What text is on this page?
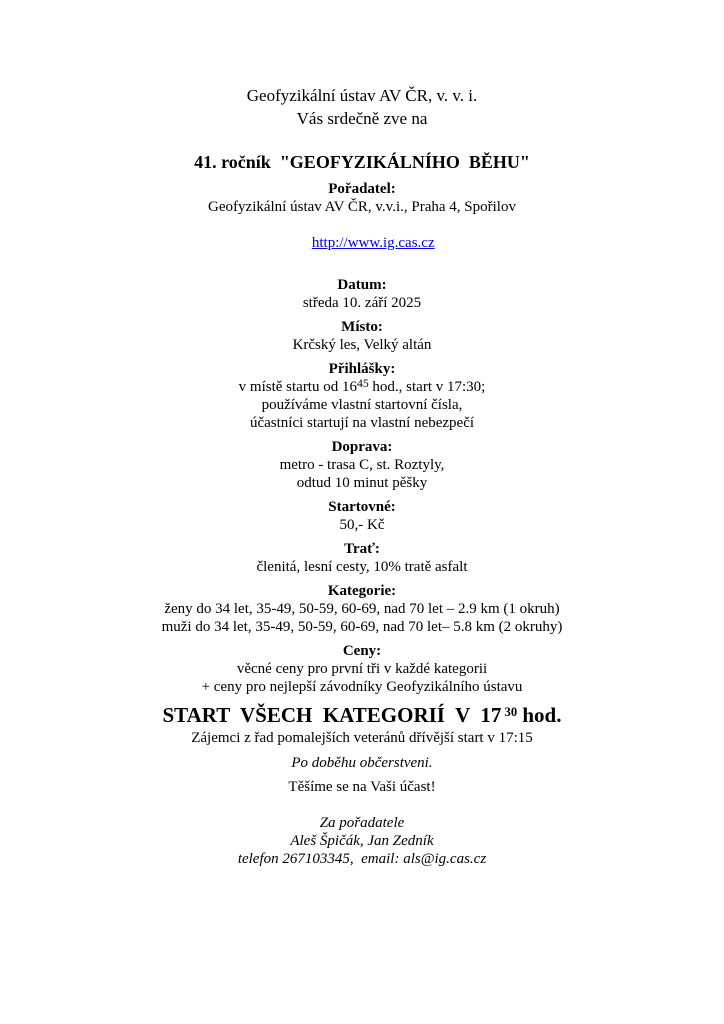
Geofyzikální ústav AV ČR, v. v. i.
Vás srdečně zve na
41. ročník  "GEOFYZIKÁLNÍHO  BĚHU"
Pořadatel:
Geofyzikální ústav AV ČR, v.v.i., Praha 4, Spořilov

http://www.ig.cas.cz

Datum:
středa 10. září 2025
Místo:
Krčský les, Velký altán
Přihlášky:
v místě startu od $16^{45}$ hod., start v 17:30;
používáme vlastní startovní čísla,
účastníci startují na vlastní nebezpečí
Doprava:
metro - trasa C, st. Roztyly,
odtud 10 minut pěšky
Startovné:
50,- Kč
Trať:
členitá, lesní cesty, 10% tratě asfalt
Kategorie:
ženy do 34 let, 35-49, 50-59, 60-69, nad 70 let – 2.9 km (1 okruh)
muži do 34 let, 35-49, 50-59, 60-69, nad 70 let– 5.8 km (2 okruhy)
Ceny:
věcné ceny pro první tři v každé kategorii
+ ceny pro nejlepší závodníky Geofyzikálního ústavu
START  VŠECH  KATEGORIÍ  V  17 $^{30}$ hod.
Zájemci z řad pomalejších veteránů dřívější start v 17:15
Po doběhu občerstveni.
Těšíme se na Vaši účast!
Za pořadatele
Aleš Špičák, Jan Zedník
telefon 267103345,  email: als@ig.cas.cz
